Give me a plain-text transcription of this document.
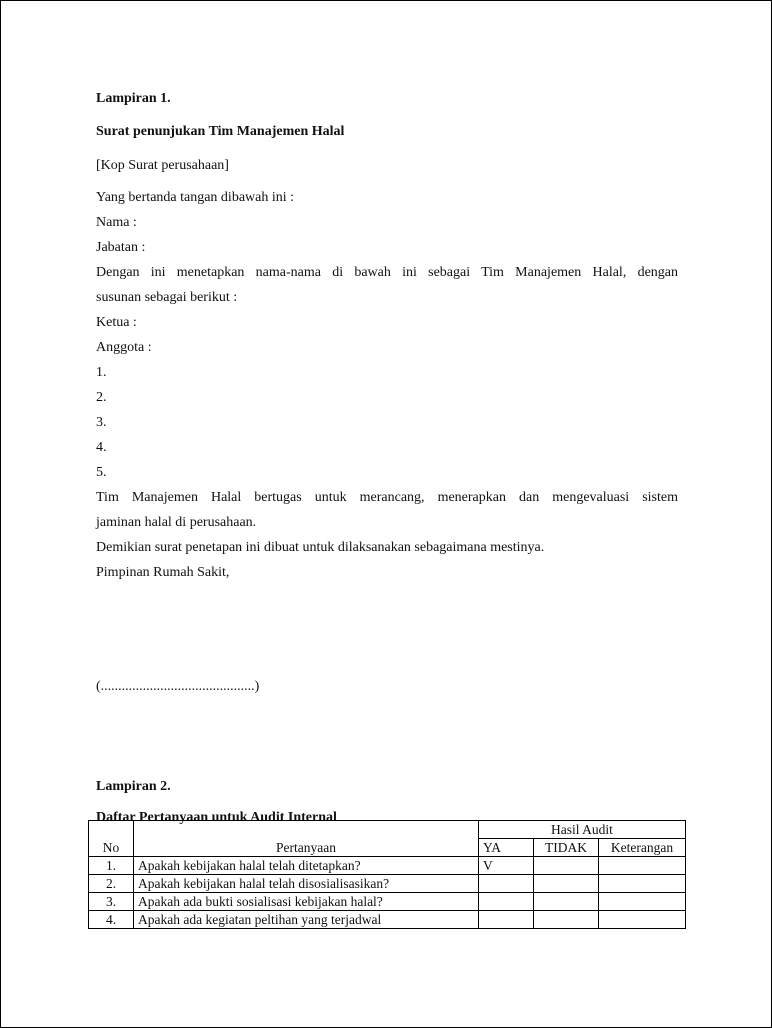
Lampiran 1.

Surat penunjukan Tim Manajemen Halal

[Kop Surat perusahaan]

Yang bertanda tangan dibawah ini :

Nama :

Jabatan :

Dengan ini menetapkan nama-nama di bawah ini sebagai Tim Manajemen Halal, dengan

susunan sebagai berikut :

Ketua :

Anggota :

1.

2.

3.

4.

5.

Tim Manajemen Halal bertugas untuk merancang, menerapkan dan mengevaluasi sistem

jaminan halal di perusahaan.

Demikian surat penetapan ini dibuat untuk dilaksanakan sebagaimana mestinya.

Pimpinan Rumah Sakit,

(............................................)

Lampiran 2.

Daftar Pertanyaan untuk Audit Internal

No	Pertanyaan	Hasil Audit		
		YA	TIDAK	Keterangan
1.	Apakah kebijakan halal telah ditetapkan?	V		
2.	Apakah kebijakan halal telah disosialisasikan?			
3.	Apakah ada bukti sosialisasi kebijakan halal?			
4.	Apakah ada kegiatan peltihan yang terjadwal			
